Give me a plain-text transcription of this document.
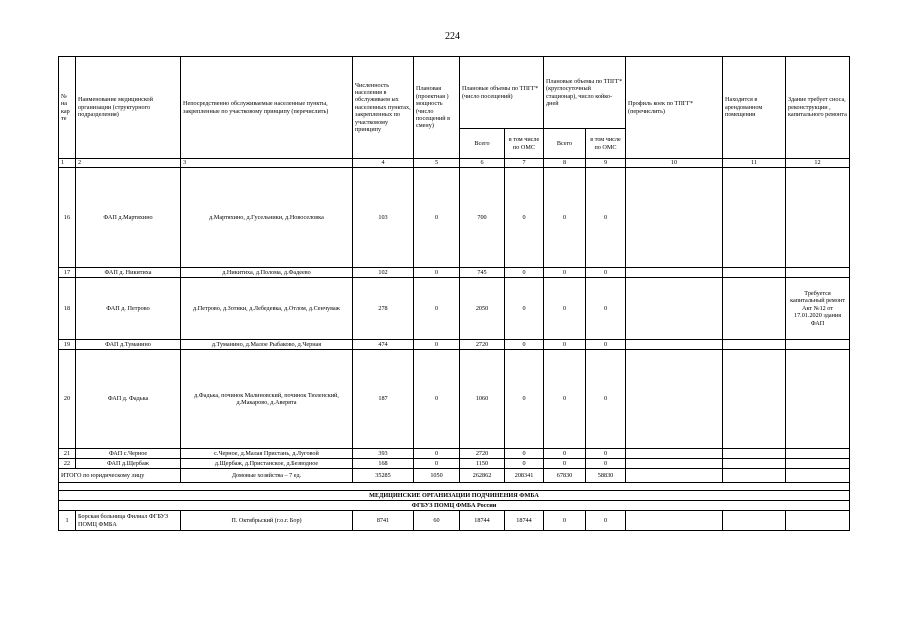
224
№ на кар те	Наименование медицинской организации (структурного подразделения)	Непосредственно обслуживаемые населенные пункты, закрепленные по участковому принципу (перечислить)	Численность населения в обслуживаем ых населенных пунктах, закрепленных по участковому принципу	Плановая (проектная ) мощность (число посещений в смену)	Плановые объемы по ТПГГ* (число посещений)		Плановые объемы по ТПГГ* (круглосуточный стационар), число койко-дней		Профиль коек по ТПГГ* (перечислить)	Находится в арендованном помещении	Здание требует сноса, реконструкции , капитального ремонта
					Всего	в том числе по ОМС	Всего	в том числе по ОМС			
1	2	3	4	5	6	7	8	9	10	11	12
16	ФАП д.Мартяхино	д.Мартяхино, д.Гусельники, д.Новоселовка	103	0	700	0	0	0			
17	ФАП д. Никитиха	д.Никитиха, д.Полома, д.Фадеево	102	0	745	0	0	0			
18	ФАП д. Петрово	д.Петрово, д.Зотики, д.Лебедевка, д.Отлом, д.Сенчуваж	278	0	2050	0	0	0			Требуется капитальный ремонт Акт №12 от 17.01.2020 здания ФАП
19	ФАП д.Туманино	д.Туманино, д.Малое Рыбаково, д.Черная	474	0	2720	0	0	0			
20	ФАП д. Фадька	д.Фадька, починок Малиновский, починок Тюленский, д.Макарово, д.Аверята	187	0	1060	0	0	0			
21	ФАП с.Черное	с.Черное, д.Малая Пристань, д.Луговой	393	0	2720	0	0	0			
22	ФАП д.Щербаж	д.Щербаж, д.Пристанское, д.Безводное	168	0	1150	0	0	0			
ИТОГО по юридическому лицу		Домовые хозяйства – 7 ед.	35285	1050	262862	208341	67830	58830			

МЕДИЦИНСКИЕ ОРГАНИЗАЦИИ ПОДЧИНЕНИЯ ФМБА											
ФГБУЗ ПОМЦ ФМБА России											
1	Борская больница Филиал ФГБУЗ ПОМЦ ФМБА	П. Октябрьский (г.о.г. Бор)	8741	60	18744	18744	0	0			
